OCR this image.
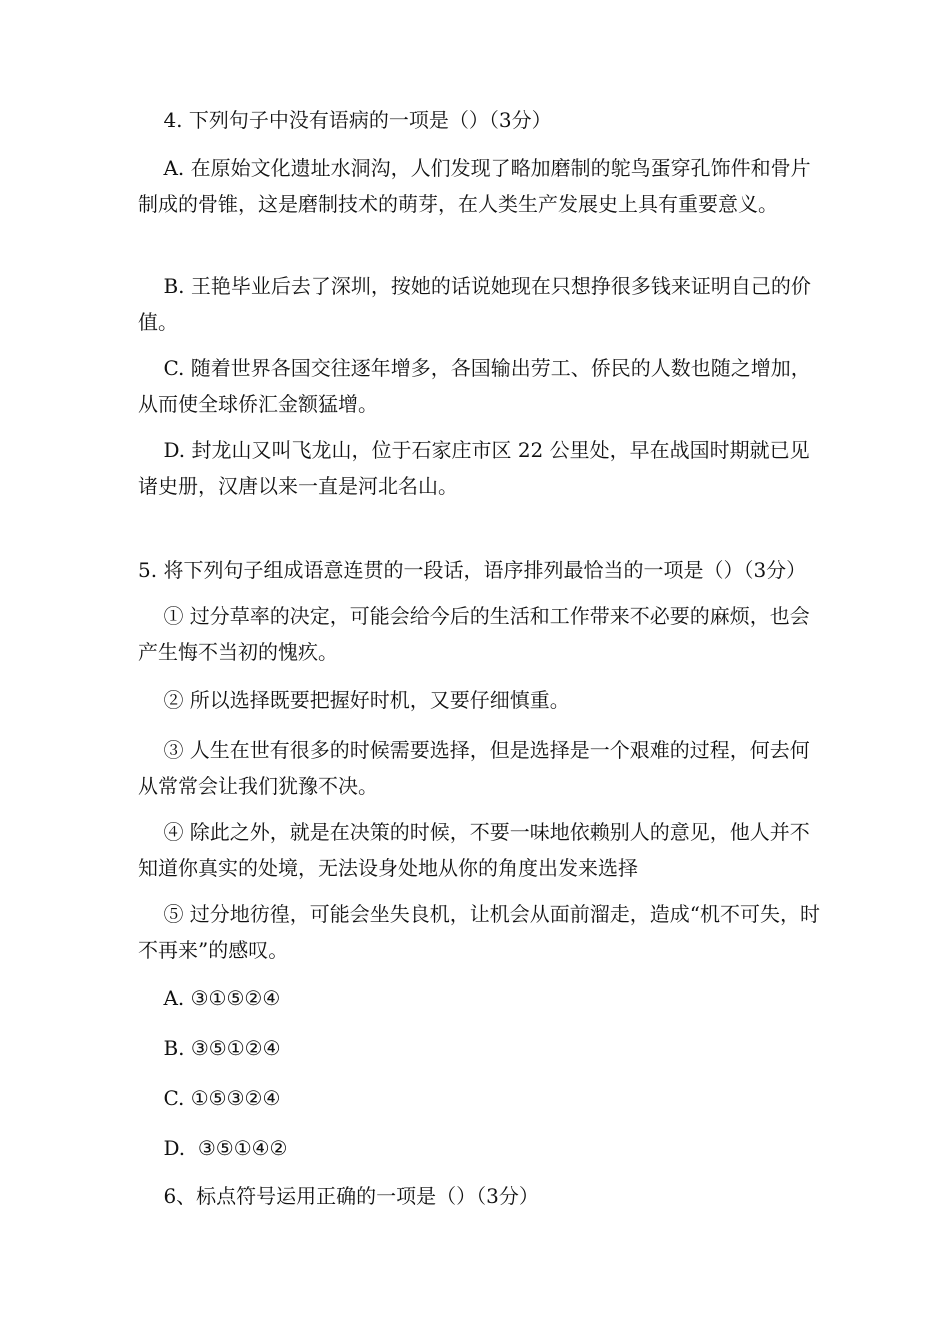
4. 下列句子中没有语病的一项是（）（3分）

A. 在原始文化遗址水洞沟，人们发现了略加磨制的鸵鸟蛋穿孔饰件和骨片制成的骨锥，这是磨制技术的萌芽，在人类生产发展史上具有重要意义。

B. 王艳毕业后去了深圳，按她的话说她现在只想挣很多钱来证明自己的价值。

C. 随着世界各国交往逐年增多，各国输出劳工、侨民的人数也随之增加，从而使全球侨汇金额猛增。

D. 封龙山又叫飞龙山，位于石家庄市区 22 公里处，早在战国时期就已见诸史册，汉唐以来一直是河北名山。

5. 将下列句子组成语意连贯的一段话，语序排列最恰当的一项是（）（3分）

① 过分草率的决定，可能会给今后的生活和工作带来不必要的麻烦，也会产生悔不当初的愧疚。

② 所以选择既要把握好时机，又要仔细慎重。

③ 人生在世有很多的时候需要选择，但是选择是一个艰难的过程，何去何从常常会让我们犹豫不决。

④ 除此之外，就是在决策的时候，不要一味地依赖别人的意见，他人并不知道你真实的处境，无法设身处地从你的角度出发来选择

⑤ 过分地彷徨，可能会坐失良机，让机会从面前溜走，造成“机不可失，时不再来”的感叹。

A. ③①⑤②④

B. ③⑤①②④

C. ①⑤③②④

D.  ③⑤①④②

6、标点符号运用正确的一项是（）（3分）
